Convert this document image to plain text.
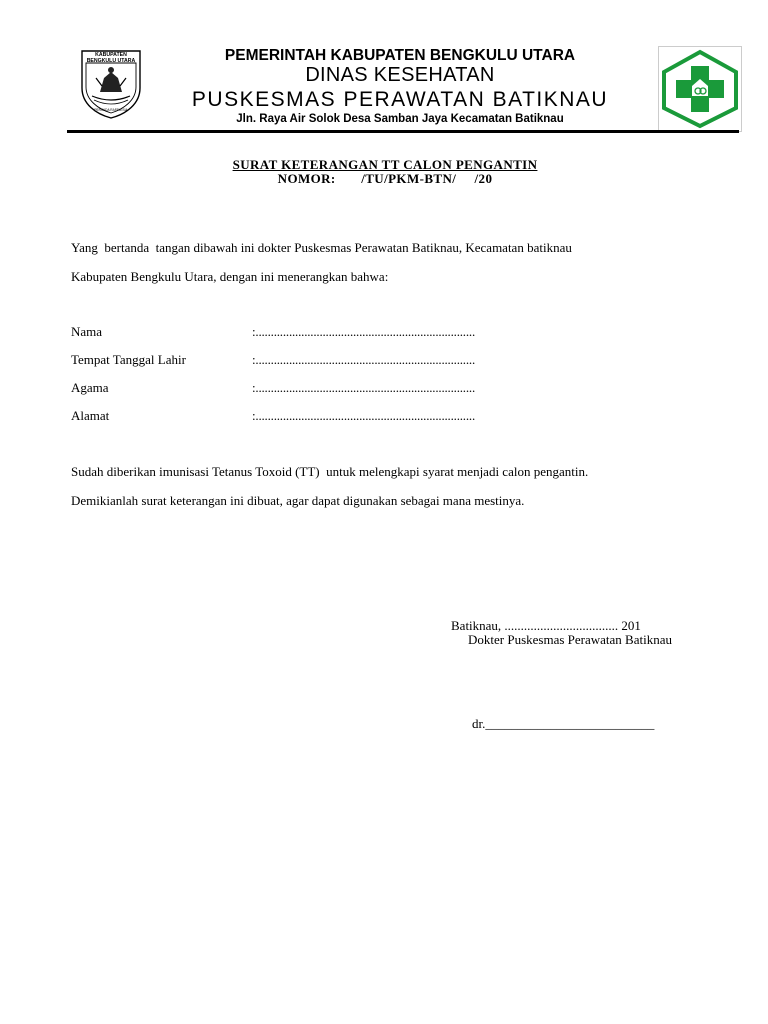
KABUPATEN BENGKULU UTARA
PERSADA RAFFLESIA
PEMERINTAH KABUPATEN BENGKULU UTARA
DINAS KESEHATAN
PUSKESMAS PERAWATAN BATIKNAU
Jln. Raya Air Solok Desa Samban Jaya Kecamatan Batiknau
SURAT KETERANGAN TT CALON PENGANTIN
NOMOR:       /TU/PKM-BTN/     /20
Yang  bertanda  tangan dibawah ini dokter Puskesmas Perawatan Batiknau, Kecamatan batiknau
Kabupaten Bengkulu Utara, dengan ini menerangkan bahwa:
Nama	:........................................................................
Tempat Tanggal Lahir	:........................................................................
Agama	:........................................................................
Alamat	:........................................................................
Sudah diberikan imunisasi Tetanus Toxoid (TT)  untuk melengkapi syarat menjadi calon pengantin.
Demikianlah surat keterangan ini dibuat, agar dapat digunakan sebagai mana mestinya.
Batiknau, ................................... 201
Dokter Puskesmas Perawatan Batiknau
dr.__________________________
